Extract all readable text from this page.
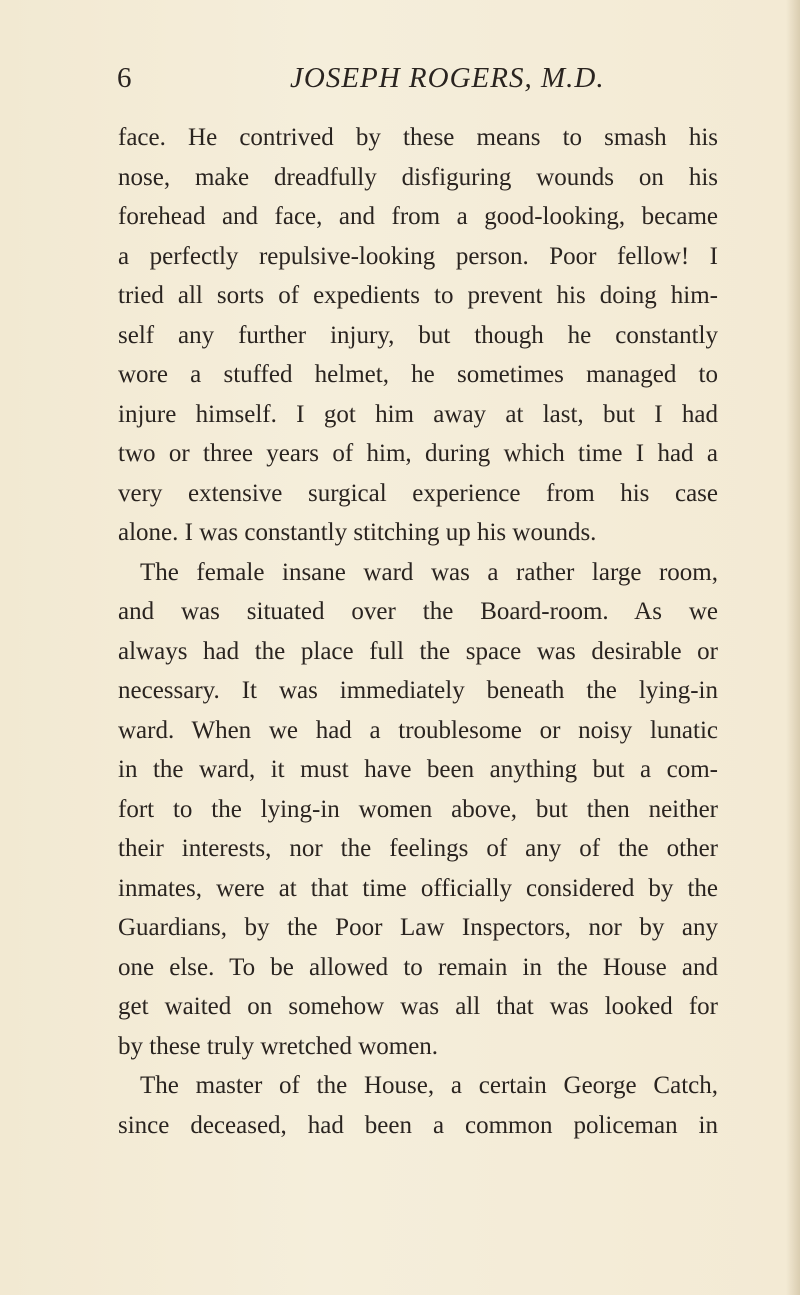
6	JOSEPH ROGERS, M.D.
face. He contrived by these means to smash his
nose, make dreadfully disfiguring wounds on his
forehead and face, and from a good-looking, became
a perfectly repulsive-looking person. Poor fellow! I
tried all sorts of expedients to prevent his doing him-
self any further injury, but though he constantly
wore a stuffed helmet, he sometimes managed to
injure himself. I got him away at last, but I had
two or three years of him, during which time I had a
very extensive surgical experience from his case
alone. I was constantly stitching up his wounds.
The female insane ward was a rather large room,
and was situated over the Board-room. As we
always had the place full the space was desirable or
necessary. It was immediately beneath the lying-in
ward. When we had a troublesome or noisy lunatic
in the ward, it must have been anything but a com-
fort to the lying-in women above, but then neither
their interests, nor the feelings of any of the other
inmates, were at that time officially considered by the
Guardians, by the Poor Law Inspectors, nor by any
one else. To be allowed to remain in the House and
get waited on somehow was all that was looked for
by these truly wretched women.
The master of the House, a certain George Catch,
since deceased, had been a common policeman in
